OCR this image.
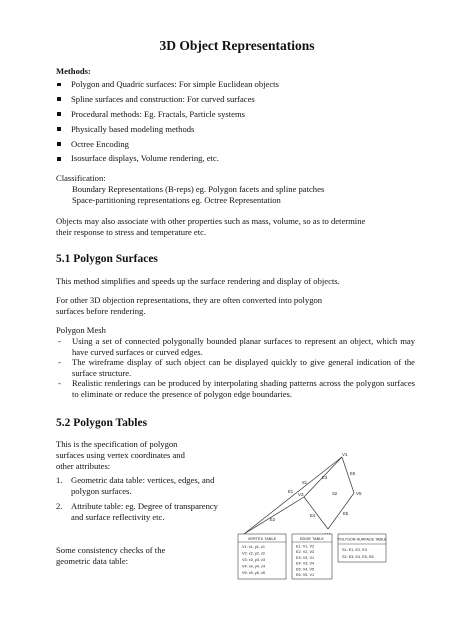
3D Object Representations
Methods:
Polygon and Quadric surfaces: For simple Euclidean objects
Spline surfaces and construction: For curved surfaces
Procedural methods: Eg. Fractals, Particle systems
Physically based modeling methods
Octree Encoding
Isosurface displays, Volume rendering, etc.
Classification:
Boundary Representations (B-reps) eg. Polygon facets and spline patches
Space-partitioning representations eg. Octree Representation
Objects may also associate with other properties such as mass, volume, so as to determine
their response to stress and temperature etc.
5.1 Polygon Surfaces
This method simplifies and speeds up the surface rendering and display of objects.
For other 3D objection representations, they are often converted into polygon
surfaces before rendering.
Polygon Mesh
- Using a set of connected polygonally bounded planar surfaces to represent an object, which may have curved surfaces or curved edges.
- The wireframe display of such object can be displayed quickly to give general indication of the surface structure.
- Realistic renderings can be produced by interpolating shading patterns across the polygon surfaces to eliminate or reduce the presence of polygon edge boundaries.
5.2 Polygon Tables
This is the specification of polygon
surfaces using vertex coordinates and
other attributes:
1. Geometric data table: vertices, edges, and polygon surfaces.
2. Attribute table: eg. Degree of transparency and surface reflectivity etc.
Some consistency checks of the
geometric data table:
V1
V3	V5
E1
E2
E3
E4	E5
E6
S1
S2
VERTEX TABLE
V1: x1, y1, z1
V2: x2, y2, z2
V3: x3, y3, z3
V4: x4, y4, z4
V5: x5, y5, z5
EDGE TABLE
E1: V1, V2
E2: V2, V3
E3: V3, V1
E4: V3, V4
E5: V4, V5
E6: V5, V1
POLYGON-SURFACE TABLE
S1: E1, E2, E3
S2: E3, E4, E5, E6
